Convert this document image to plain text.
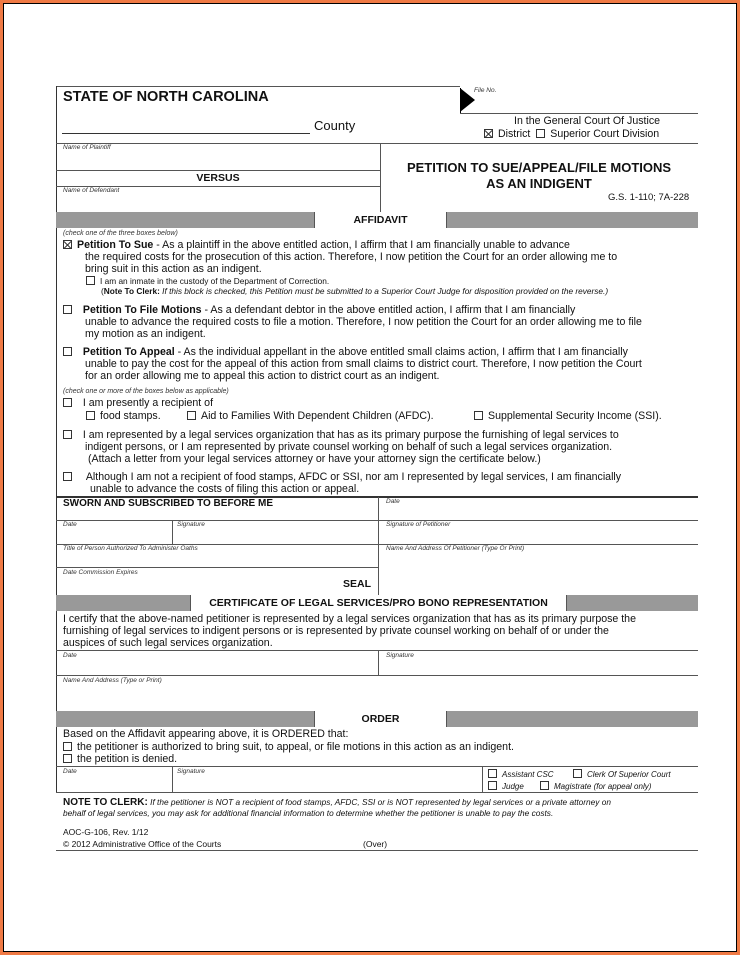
STATE OF NORTH CAROLINA
County
File No.
In the General Court Of Justice
District Superior Court Division
Name of Plaintiff
VERSUS
Name of Defendant
PETITION TO SUE/APPEAL/FILE MOTIONS
AS AN INDIGENT
G.S. 1-110; 7A-228
AFFIDAVIT
(check one of the three boxes below)
Petition To Sue - As a plaintiff in the above entitled action, I affirm that I am financially unable to advance
the required costs for the prosecution of this action. Therefore, I now petition the Court for an order allowing me to
bring suit in this action as an indigent.
I am an inmate in the custody of the Department of Correction.
(Note To Clerk: If this block is checked, this Petition must be submitted to a Superior Court Judge for disposition provided on the reverse.)
Petition To File Motions - As a defendant debtor in the above entitled action, I affirm that I am financially
unable to advance the required costs to file a motion. Therefore, I now petition the Court for an order allowing me to file
my motion as an indigent.
Petition To Appeal - As the individual appellant in the above entitled small claims action, I affirm that I am financially
unable to pay the cost for the appeal of this action from small claims to district court. Therefore, I now petition the Court
for an order allowing me to appeal this action to district court as an indigent.
(check one or more of the boxes below as applicable)
I am presently a recipient of
food stamps.	Aid to Families With Dependent Children (AFDC).	Supplemental Security Income (SSI).
I am represented by a legal services organization that has as its primary purpose the furnishing of legal services to
indigent persons, or I am represented by private counsel working on behalf of such a legal services organization.
(Attach a letter from your legal services attorney or have your attorney sign the certificate below.)
Although I am not a recipient of food stamps, AFDC or SSI, nor am I represented by legal services, I am financially
unable to advance the costs of filing this action or appeal.
SWORN AND SUBSCRIBED TO BEFORE ME	Date
Date	Signature	Signature of Petitioner
Title of Person Authorized To Administer Oaths	Name And Address Of Petitioner (Type Or Print)
Date Commission Expires
SEAL
CERTIFICATE OF LEGAL SERVICES/PRO BONO REPRESENTATION
I certify that the above-named petitioner is represented by a legal services organization that has as its primary purpose the
furnishing of legal services to indigent persons or is represented by private counsel working on behalf of or under the
auspices of such legal services organization.
Date	Signature
Name And Address (Type or Print)
ORDER
Based on the Affidavit appearing above, it is ORDERED that:
the petitioner is authorized to bring suit, to appeal, or file motions in this action as an indigent.
the petition is denied.
Date	Signature	Assistant CSC	Clerk Of Superior Court
Judge	Magistrate (for appeal only)
NOTE TO CLERK: If the petitioner is NOT a recipient of food stamps, AFDC, SSI or is NOT represented by legal services or a private attorney on
behalf of legal services, you may ask for additional financial information to determine whether the petitioner is unable to pay the costs.
AOC-G-106, Rev. 1/12
© 2012 Administrative Office of the Courts	(Over)
